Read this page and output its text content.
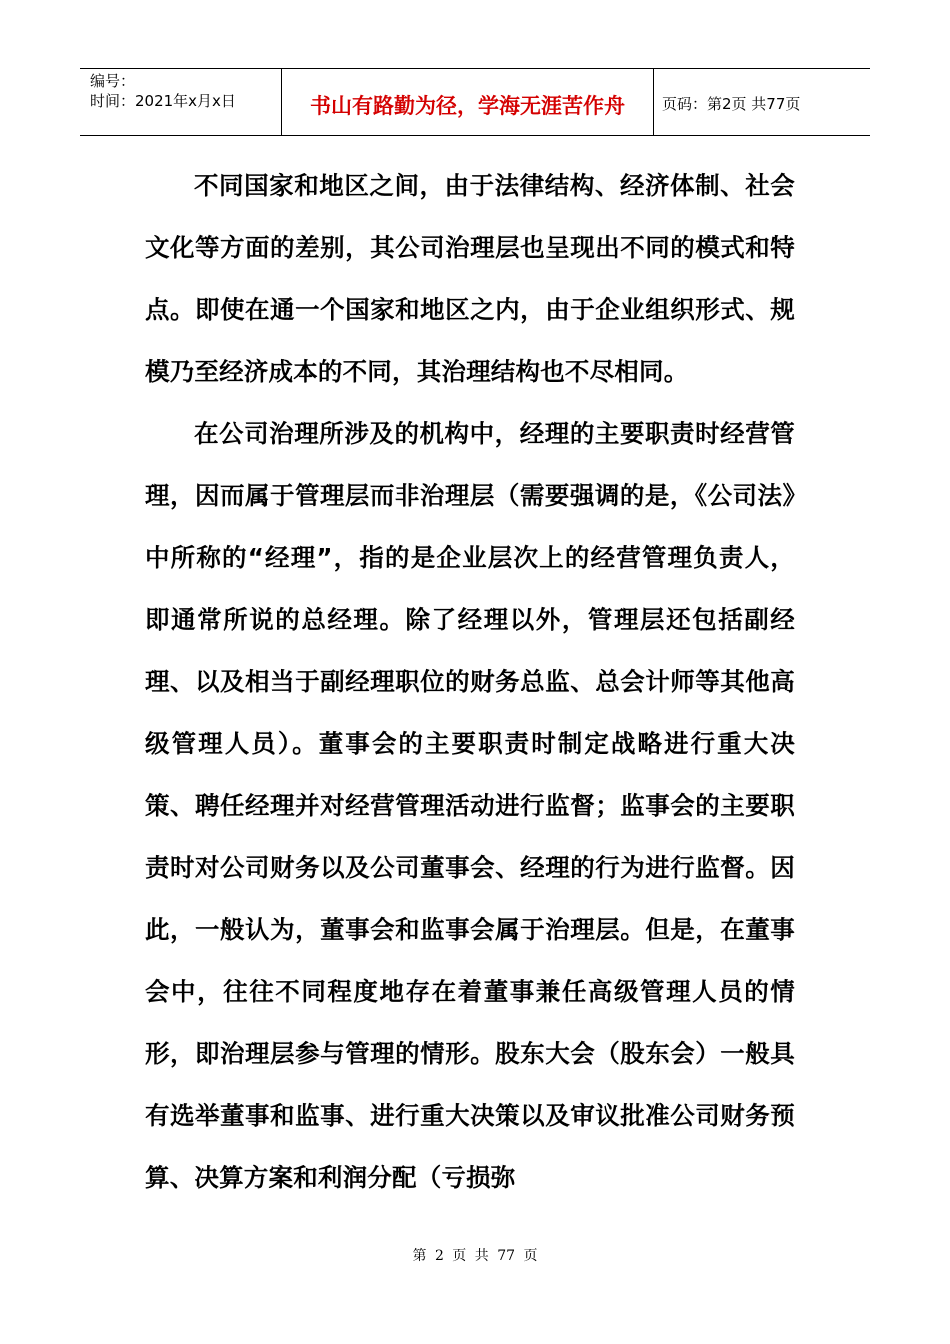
编号：
时间：2021年x月x日	书山有路勤为径，学海无涯苦作舟	页码：第2页 共77页

不同国家和地区之间，由于法律结构、经济体制、社会文化等方面的差别，其公司治理层也呈现出不同的模式和特点。即使在通一个国家和地区之内，由于企业组织形式、规模乃至经济成本的不同，其治理结构也不尽相同。

在公司治理所涉及的机构中，经理的主要职责时经营管理，因而属于管理层而非治理层（需要强调的是，《公司法》中所称的“经理”，指的是企业层次上的经营管理负责人，即通常所说的总经理。除了经理以外，管理层还包括副经理、以及相当于副经理职位的财务总监、总会计师等其他高级管理人员）。董事会的主要职责时制定战略进行重大决策、聘任经理并对经营管理活动进行监督；监事会的主要职责时对公司财务以及公司董事会、经理的行为进行监督。因此，一般认为，董事会和监事会属于治理层。但是，在董事会中，往往不同程度地存在着董事兼任高级管理人员的情形，即治理层参与管理的情形。股东大会（股东会）一般具有选举董事和监事、进行重大决策以及审议批准公司财务预算、决算方案和利润分配（亏损弥

第 2 页 共 77 页
